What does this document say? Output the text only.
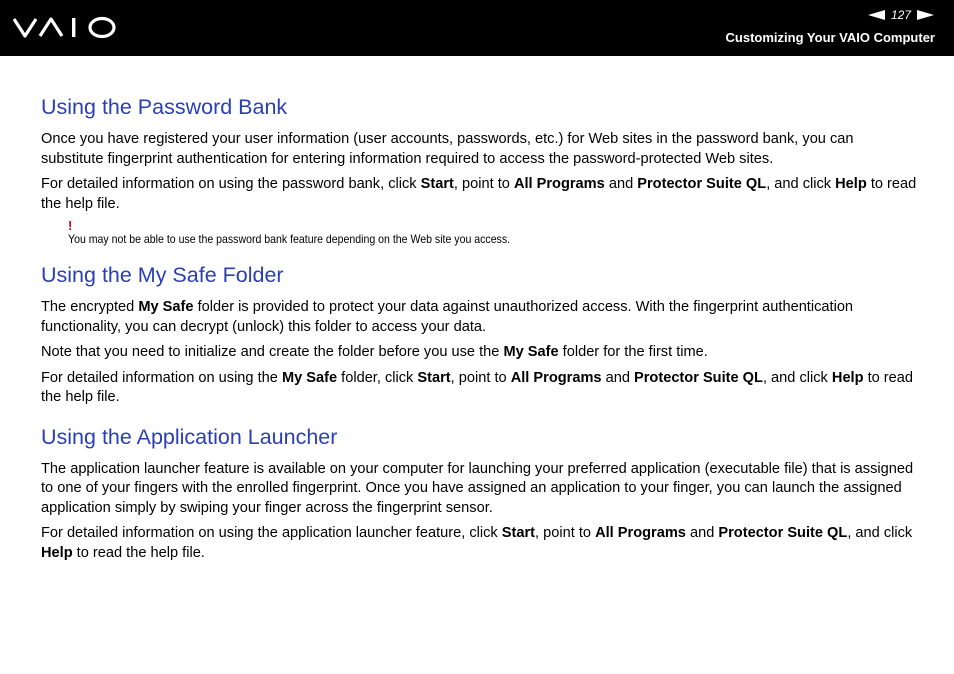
127
Customizing Your VAIO Computer
Using the Password Bank

Once you have registered your user information (user accounts, passwords, etc.) for Web sites in the password bank, you can substitute fingerprint authentication for entering information required to access the password-protected Web sites.

For detailed information on using the password bank, click Start, point to All Programs and Protector Suite QL, and click Help to read the help file.

!
You may not be able to use the password bank feature depending on the Web site you access.
Using the My Safe Folder

The encrypted My Safe folder is provided to protect your data against unauthorized access. With the fingerprint authentication functionality, you can decrypt (unlock) this folder to access your data.

Note that you need to initialize and create the folder before you use the My Safe folder for the first time.

For detailed information on using the My Safe folder, click Start, point to All Programs and Protector Suite QL, and click Help to read the help file.

Using the Application Launcher

The application launcher feature is available on your computer for launching your preferred application (executable file) that is assigned to one of your fingers with the enrolled fingerprint. Once you have assigned an application to your finger, you can launch the assigned application simply by swiping your finger across the fingerprint sensor.

For detailed information on using the application launcher feature, click Start, point to All Programs and Protector Suite QL, and click Help to read the help file.
